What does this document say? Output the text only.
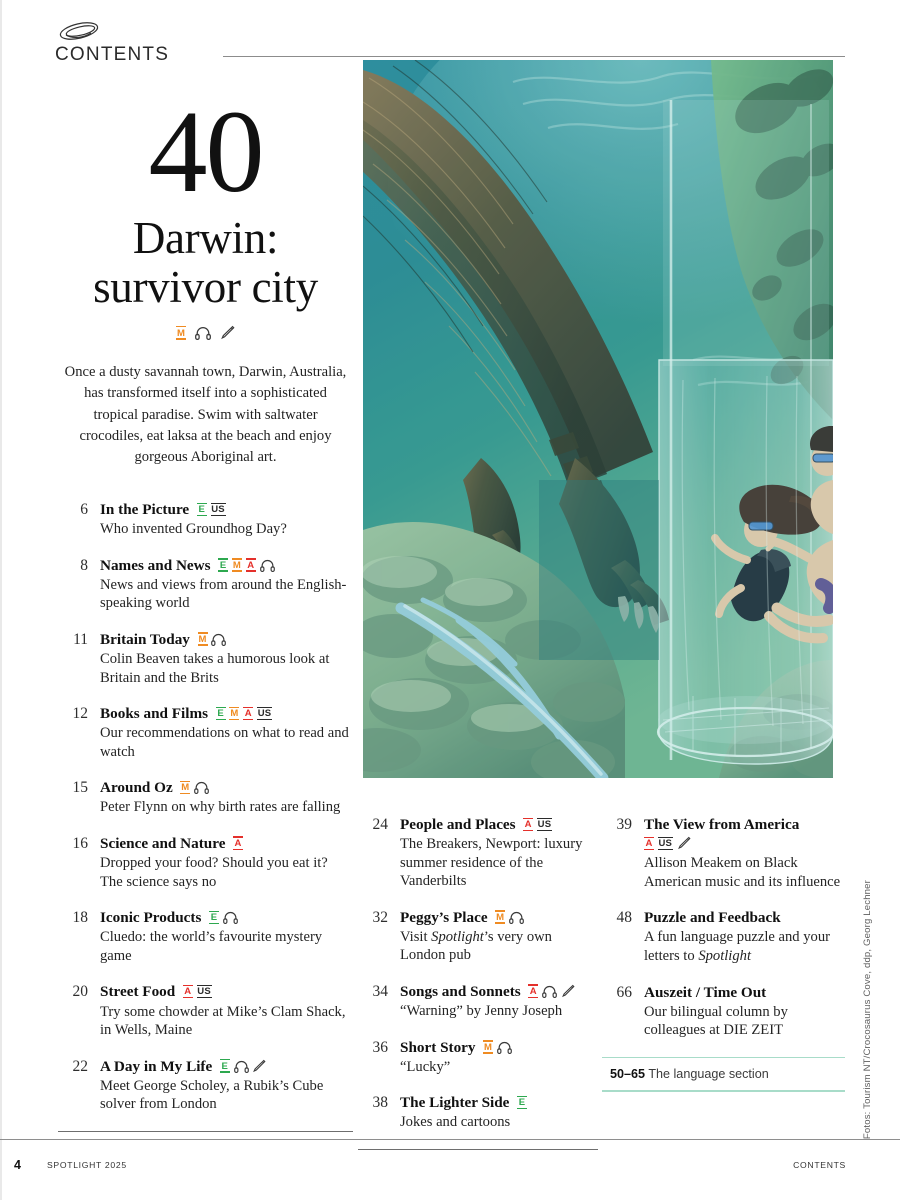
CONTENTS
40
Darwin:
survivor city
M
Once a dusty savannah town, Darwin, Australia, has transformed itself into a sophisticated tropical paradise. Swim with saltwater crocodiles, eat laksa at the beach and enjoy gorgeous Aboriginal art.
Fotos: Tourism NT/Crocosaurus Cove, ddp, Georg Lechner
6 In the Picture E US
Who invented Groundhog Day?
8 Names and News E M A
News and views from around the English-speaking world
11 Britain Today M
Colin Beaven takes a humorous look at Britain and the Brits
12 Books and Films E M A US
Our recommendations on what to read and watch
15 Around Oz M
Peter Flynn on why birth rates are falling
16 Science and Nature A
Dropped your food? Should you eat it? The science says no
18 Iconic Products E
Cluedo: the world’s favourite mystery game
20 Street Food A US
Try some chowder at Mike’s Clam Shack, in Wells, Maine
22 A Day in My Life E

Meet George Scholey, a Rubik’s Cube solver from London
24 People and Places A US
The Breakers, Newport: luxury summer residence of the Vanderbilts
32 Peggy’s Place M
Visit Spotlight’s very own London pub
34 Songs and Sonnets A

“Warning” by Jenny Joseph
36 Short Story M
“Lucky”
38 The Lighter Side E
Jokes and cartoons
39 The View from America
A US
Allison Meakem on Black American music and its influence
48 Puzzle and Feedback
A fun language puzzle and your letters to Spotlight
66 Auszeit / Time Out
Our bilingual column by colleagues at DIE ZEIT
50–65 The language section
4	SPOTLIGHT 2025	CONTENTS
